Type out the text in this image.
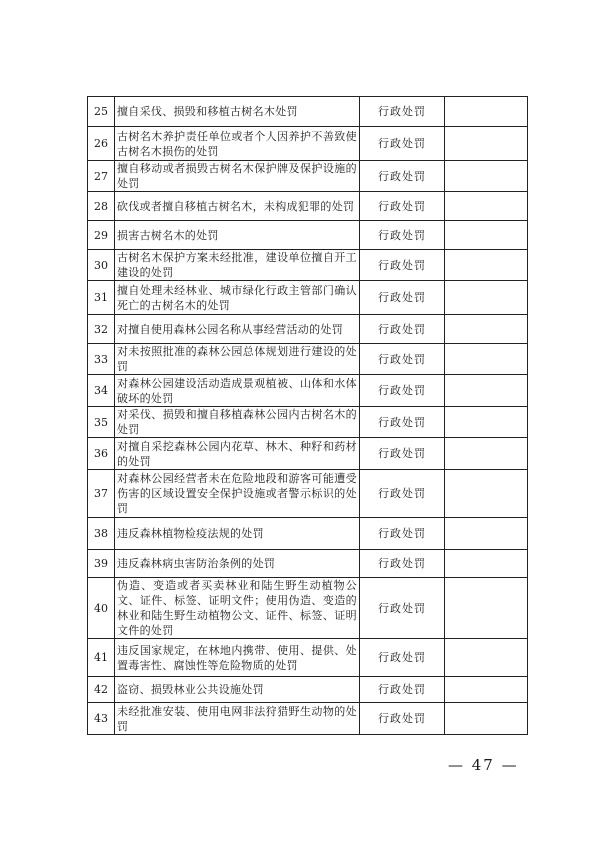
25	擅自采伐、损毁和移植古树名木处罚	行政处罚	
26	古树名木养护责任单位或者个人因养护不善致使古树名木损伤的处罚	行政处罚	
27	擅自移动或者损毁古树名木保护牌及保护设施的处罚	行政处罚	
28	砍伐或者擅自移植古树名木，未构成犯罪的处罚	行政处罚	
29	损害古树名木的处罚	行政处罚	
30	古树名木保护方案未经批准，建设单位擅自开工建设的处罚	行政处罚	
31	擅自处理未经林业、城市绿化行政主管部门确认死亡的古树名木的处罚	行政处罚	
32	对擅自使用森林公园名称从事经营活动的处罚	行政处罚	
33	对未按照批准的森林公园总体规划进行建设的处罚	行政处罚	
34	对森林公园建设活动造成景观植被、山体和水体破坏的处罚	行政处罚	
35	对采伐、损毁和擅自移植森林公园内古树名木的处罚	行政处罚	
36	对擅自采挖森林公园内花草、林木、种籽和药材的处罚	行政处罚	
37	对森林公园经营者未在危险地段和游客可能遭受伤害的区域设置安全保护设施或者警示标识的处罚	行政处罚	
38	违反森林植物检疫法规的处罚	行政处罚	
39	违反森林病虫害防治条例的处罚	行政处罚	
40	伪造、变造或者买卖林业和陆生野生动植物公文、证件、标签、证明文件；使用伪造、变造的林业和陆生野生动植物公文、证件、标签、证明文件的处罚	行政处罚	
41	违反国家规定，在林地内携带、使用、提供、处置毒害性、腐蚀性等危险物质的处罚	行政处罚	
42	盗窃、损毁林业公共设施处罚	行政处罚	
43	未经批准安装、使用电网非法狩猎野生动物的处罚	行政处罚	
— 47 —
